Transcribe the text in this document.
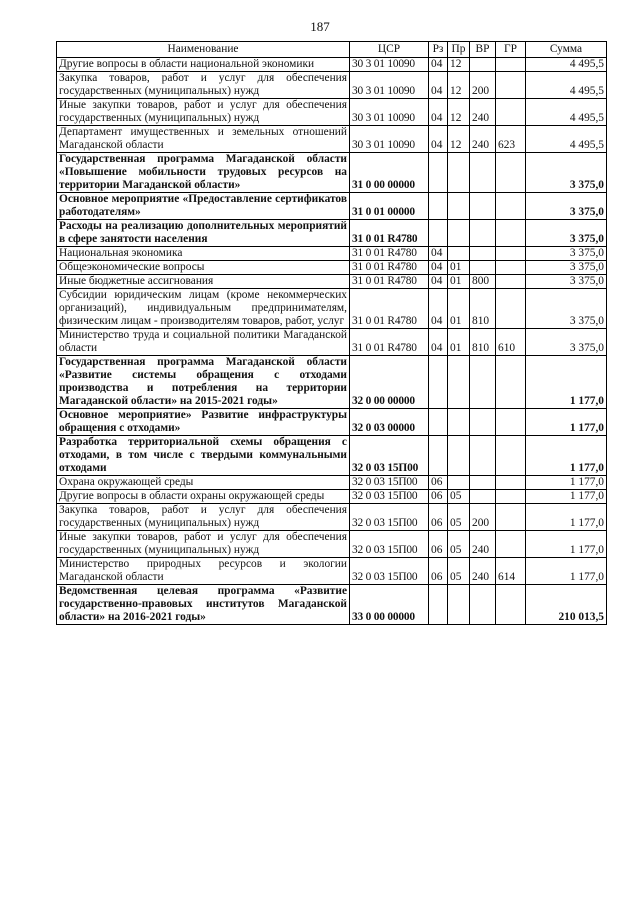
187
Наименование	ЦСР	Рз	Пр	ВР	ГР	Сумма
Другие вопросы в области национальной экономики	30 3 01 10090	04	12			4 495,5
Закупка товаров, работ и услуг для обеспечения государственных (муниципальных) нужд	30 3 01 10090	04	12	200		4 495,5
Иные закупки товаров, работ и услуг для обеспечения государственных (муниципальных) нужд	30 3 01 10090	04	12	240		4 495,5
Департамент имущественных и земельных отношений Магаданской области	30 3 01 10090	04	12	240	623	4 495,5
Государственная программа Магаданской области «Повышение мобильности трудовых ресурсов на территории Магаданской области»	31 0 00 00000					3 375,0
Основное мероприятие «Предоставление сертификатов работодателям»	31 0 01 00000					3 375,0
Расходы на реализацию дополнительных мероприятий в сфере занятости населения	31 0 01 R4780					3 375,0
Национальная экономика	31 0 01 R4780	04				3 375,0
Общеэкономические вопросы	31 0 01 R4780	04	01			3 375,0
Иные бюджетные ассигнования	31 0 01 R4780	04	01	800		3 375,0
Субсидии юридическим лицам (кроме некоммерческих организаций), индивидуальным предпринимателям, физическим лицам - производителям товаров, работ, услуг	31 0 01 R4780	04	01	810		3 375,0
Министерство труда и социальной политики Магаданской области	31 0 01 R4780	04	01	810	610	3 375,0
Государственная программа Магаданской области «Развитие системы обращения с отходами производства и потребления на территории Магаданской области» на 2015-2021 годы»	32 0 00 00000					1 177,0
Основное мероприятие» Развитие инфраструктуры обращения с отходами»	32 0 03 00000					1 177,0
Разработка территориальной схемы обращения с отходами, в том числе с твердыми коммунальными отходами	32 0 03 15П00					1 177,0
Охрана окружающей среды	32 0 03 15П00	06				1 177,0
Другие вопросы в области охраны окружающей среды	32 0 03 15П00	06	05			1 177,0
Закупка товаров, работ и услуг для обеспечения государственных (муниципальных) нужд	32 0 03 15П00	06	05	200		1 177,0
Иные закупки товаров, работ и услуг для обеспечения государственных (муниципальных) нужд	32 0 03 15П00	06	05	240		1 177,0
Министерство природных ресурсов и экологии Магаданской области	32 0 03 15П00	06	05	240	614	1 177,0
Ведомственная целевая программа «Развитие государственно-правовых институтов Магаданской области» на 2016-2021 годы»	33 0 00 00000					210 013,5
